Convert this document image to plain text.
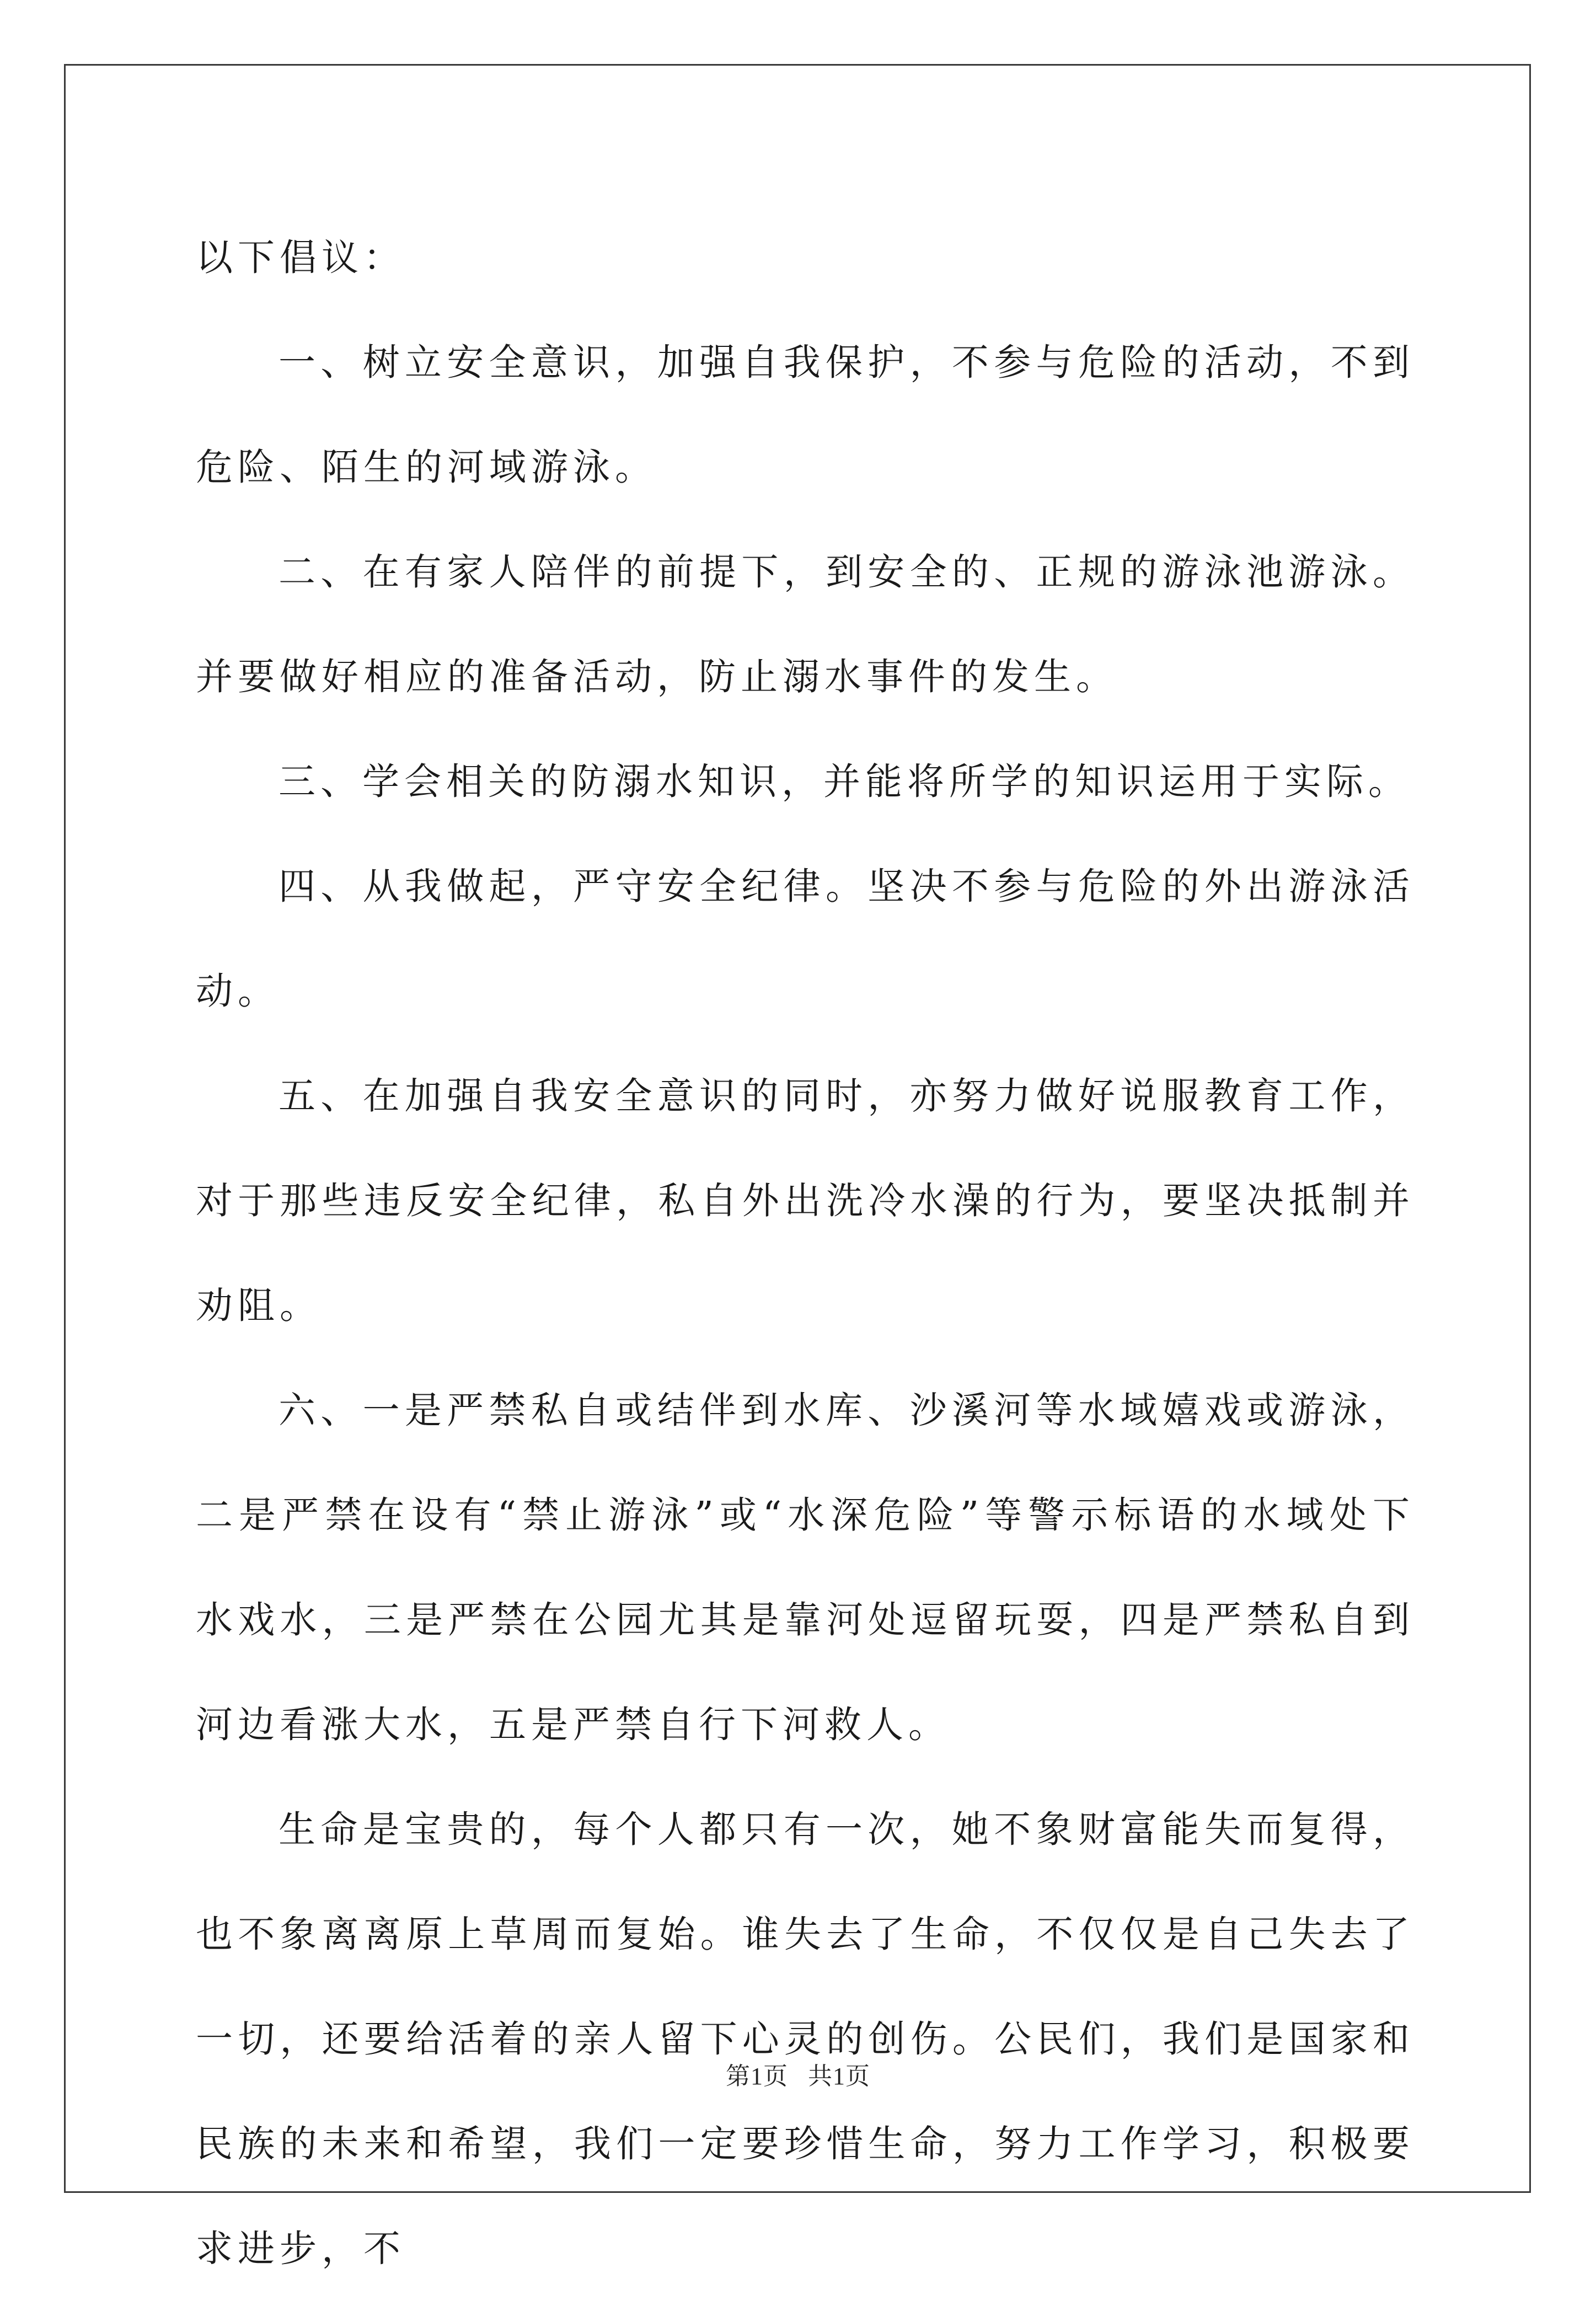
以下倡议：

一、树立安全意识，加强自我保护，不参与危险的活动，不到危险、陌生的河域游泳。

二、在有家人陪伴的前提下，到安全的、正规的游泳池游泳。并要做好相应的准备活动，防止溺水事件的发生。

三、学会相关的防溺水知识，并能将所学的知识运用于实际。

四、从我做起，严守安全纪律。坚决不参与危险的外出游泳活动。

五、在加强自我安全意识的同时，亦努力做好说服教育工作，对于那些违反安全纪律，私自外出洗冷水澡的行为，要坚决抵制并劝阻。

六、一是严禁私自或结伴到水库、沙溪河等水域嬉戏或游泳，二是严禁在设有“禁止游泳”或“水深危险”等警示标语的水域处下水戏水，三是严禁在公园尤其是靠河处逗留玩耍，四是严禁私自到河边看涨大水，五是严禁自行下河救人。

生命是宝贵的，每个人都只有一次，她不象财富能失而复得，也不象离离原上草周而复始。谁失去了生命，不仅仅是自己失去了一切，还要给活着的亲人留下心灵的创伤。公民们，我们是国家和民族的未来和希望，我们一定要珍惜生命，努力工作学习，积极要求进步，不

第1页 共1页
